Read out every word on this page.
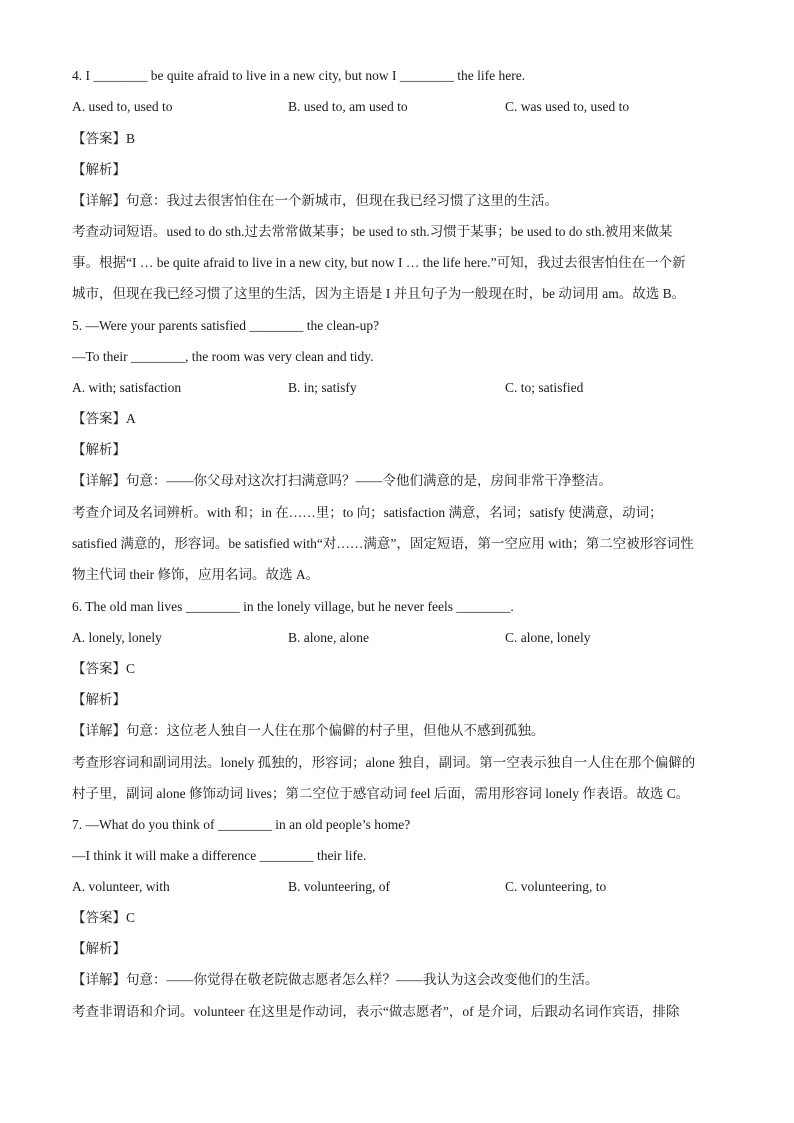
4. I ________ be quite afraid to live in a new city, but now I ________ the life here.
A. used to, used to	B. used to, am used to	C. was used to, used to
【答案】B
【解析】
【详解】句意：我过去很害怕住在一个新城市，但现在我已经习惯了这里的生活。
考查动词短语。used to do sth.过去常常做某事；be used to sth.习惯于某事；be used to do sth.被用来做某
事。根据“I … be quite afraid to live in a new city, but now I … the life here.”可知，我过去很害怕住在一个新
城市，但现在我已经习惯了这里的生活，因为主语是 I 并且句子为一般现在时，be 动词用 am。故选 B。
5. —Were your parents satisfied ________ the clean-up?
—To their ________, the room was very clean and tidy.
A. with; satisfaction	B. in; satisfy	C. to; satisfied
【答案】A
【解析】
【详解】句意：——你父母对这次打扫满意吗？——令他们满意的是，房间非常干净整洁。
考查介词及名词辨析。with 和；in 在……里；to 向；satisfaction 满意，名词；satisfy 使满意，动词；
satisfied 满意的，形容词。be satisfied with“对……满意”，固定短语，第一空应用 with；第二空被形容词性
物主代词 their 修饰，应用名词。故选 A。
6. The old man lives ________ in the lonely village, but he never feels ________.
A. lonely, lonely	B. alone, alone	C. alone, lonely
【答案】C
【解析】
【详解】句意：这位老人独自一人住在那个偏僻的村子里，但他从不感到孤独。
考查形容词和副词用法。lonely 孤独的，形容词；alone 独自，副词。第一空表示独自一人住在那个偏僻的
村子里，副词 alone 修饰动词 lives；第二空位于感官动词 feel 后面，需用形容词 lonely 作表语。故选 C。
7. —What do you think of ________ in an old people’s home?
—I think it will make a difference ________ their life.
A. volunteer, with	B. volunteering, of	C. volunteering, to
【答案】C
【解析】
【详解】句意：——你觉得在敬老院做志愿者怎么样？——我认为这会改变他们的生活。
考查非谓语和介词。volunteer 在这里是作动词，表示“做志愿者”，of 是介词，后跟动名词作宾语，排除
